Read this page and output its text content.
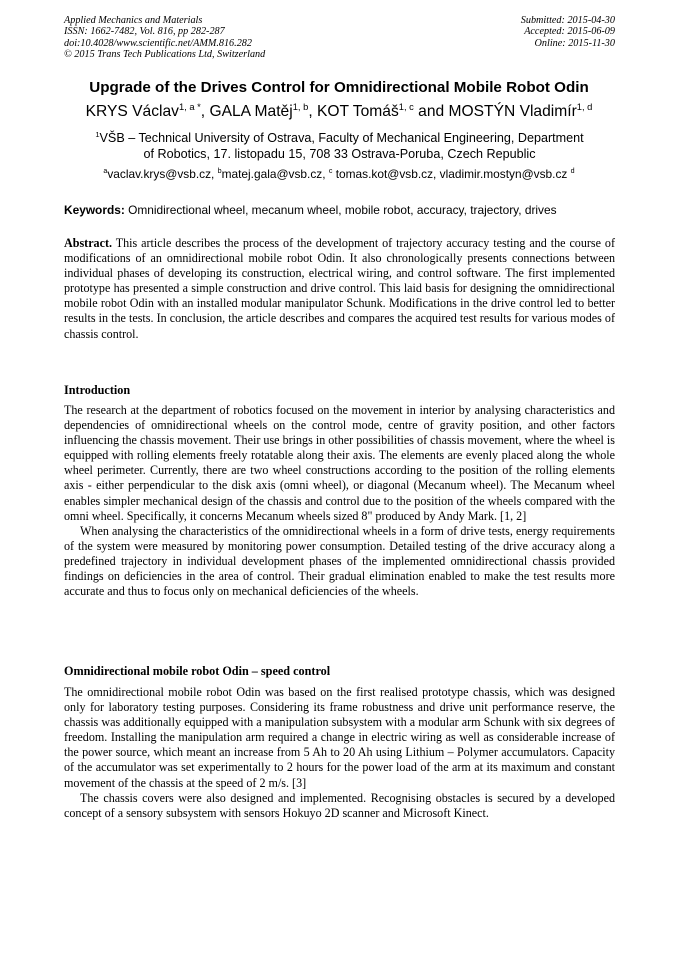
Applied Mechanics and Materials
ISSN: 1662-7482, Vol. 816, pp 282-287
doi:10.4028/www.scientific.net/AMM.816.282
© 2015 Trans Tech Publications Ltd, Switzerland
Submitted: 2015-04-30
Accepted: 2015-06-09
Online: 2015-11-30
Upgrade of the Drives Control for Omnidirectional Mobile Robot Odin
KRYS Václav$^{1, a *}$, GALA Matěj$^{1, b}$, KOT Tomáš$^{1, c}$ and MOSTÝN Vladimír$^{1, d}$
$^1$VŠB – Technical University of Ostrava, Faculty of Mechanical Engineering, Department
of Robotics, 17. listopadu 15, 708 33 Ostrava-Poruba, Czech Republic
$^a$vaclav.krys@vsb.cz, $^b$matej.gala@vsb.cz, $^c$ tomas.kot@vsb.cz, vladimir.mostyn@vsb.cz $^d$
Keywords: Omnidirectional wheel, mecanum wheel, mobile robot, accuracy, trajectory, drives

Abstract. This article describes the process of the development of trajectory accuracy testing and the course of modifications of an omnidirectional mobile robot Odin. It also chronologically presents connections between individual phases of developing its construction, electrical wiring, and control software. The first implemented prototype has presented a simple construction and drive control. This laid basis for designing the omnidirectional mobile robot Odin with an installed modular manipulator Schunk. Modifications in the drive control led to better results in the tests. In conclusion, the article describes and compares the acquired test results for various modes of chassis control.

Introduction

The research at the department of robotics focused on the movement in interior by analysing characteristics and dependencies of omnidirectional wheels on the control mode, centre of gravity position, and other factors influencing the chassis movement. Their use brings in other possibilities of chassis movement, where the wheel is equipped with rolling elements freely rotatable along their axis. The elements are evenly placed along the whole wheel perimeter. Currently, there are two wheel constructions according to the position of the rolling elements axis - either perpendicular to the disk axis (omni wheel), or diagonal (Mecanum wheel). The Mecanum wheel enables simpler mechanical design of the chassis and control due to the position of the wheels compared with the omni wheel. Specifically, it concerns Mecanum wheels sized 8" produced by Andy Mark. [1, 2]

When analysing the characteristics of the omnidirectional wheels in a form of drive tests, energy requirements of the system were measured by monitoring power consumption. Detailed testing of the drive accuracy along a predefined trajectory in individual development phases of the implemented omnidirectional chassis provided findings on deficiencies in the area of control. Their gradual elimination enabled to make the test results more accurate and thus to focus only on mechanical deficiencies of the wheels.

Omnidirectional mobile robot Odin – speed control

The omnidirectional mobile robot Odin was based on the first realised prototype chassis, which was designed only for laboratory testing purposes. Considering its frame robustness and drive unit performance reserve, the chassis was additionally equipped with a manipulation subsystem with a modular arm Schunk with six degrees of freedom. Installing the manipulation arm required a change in electric wiring as well as considerable increase of the power source, which meant an increase from 5 Ah to 20 Ah using Lithium – Polymer accumulators. Capacity of the accumulator was set experimentally to 2 hours for the power load of the arm at its maximum and constant movement of the chassis at the speed of 2 m/s. [3]

The chassis covers were also designed and implemented. Recognising obstacles is secured by a developed concept of a sensory subsystem with sensors Hokuyo 2D scanner and Microsoft Kinect.
